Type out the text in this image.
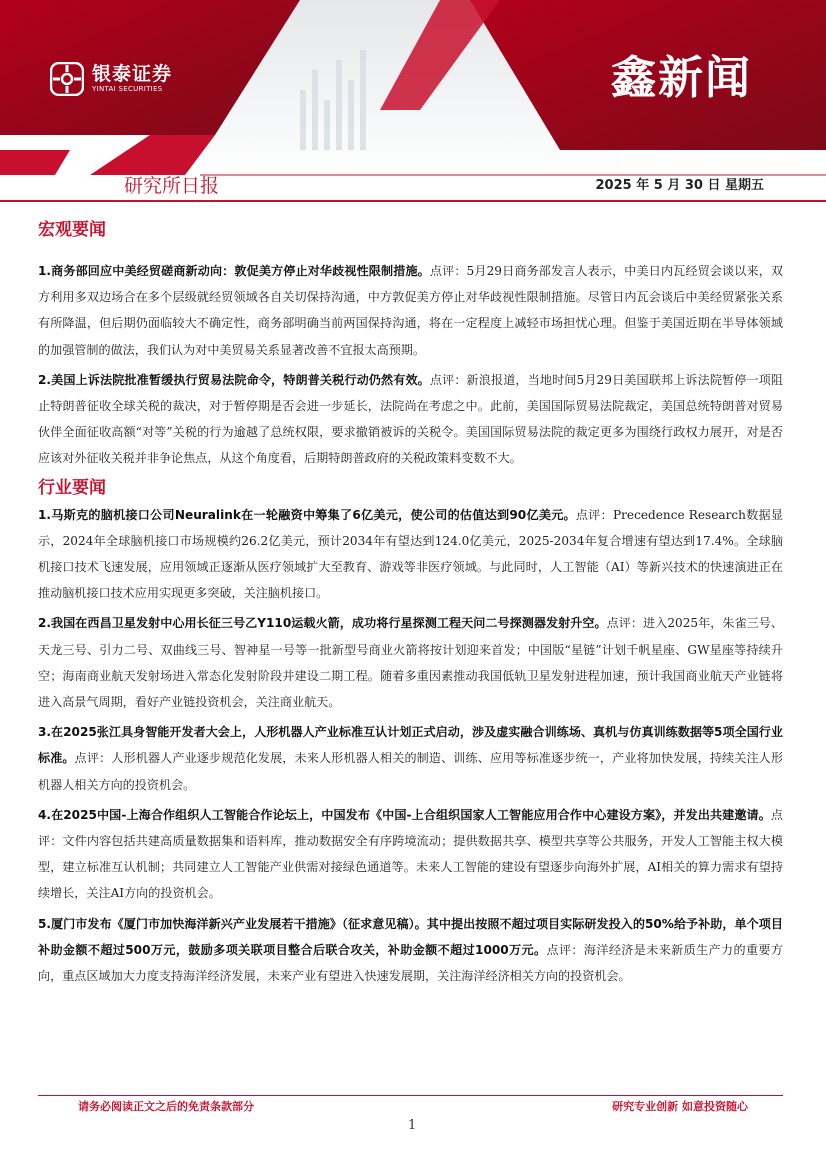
银泰证券
YINTAI SECURITIES	鑫新闻
研究所日报	2025 年 5 月 30 日 星期五
宏观要闻

1.商务部回应中美经贸磋商新动向：敦促美方停止对华歧视性限制措施。点评：5月29日商务部发言人表示，中美日内瓦经贸会谈以来，双方利用多双边场合在多个层级就经贸领域各自关切保持沟通，中方敦促美方停止对华歧视性限制措施。尽管日内瓦会谈后中美经贸紧张关系有所降温，但后期仍面临较大不确定性，商务部明确当前两国保持沟通，将在一定程度上减轻市场担忧心理。但鉴于美国近期在半导体领域的加强管制的做法，我们认为对中美贸易关系显著改善不宜报太高预期。

2.美国上诉法院批准暂缓执行贸易法院命令，特朗普关税行动仍然有效。点评：新浪报道，当地时间5月29日美国联邦上诉法院暂停一项阻止特朗普征收全球关税的裁决，对于暂停期是否会进一步延长，法院尚在考虑之中。此前，美国国际贸易法院裁定，美国总统特朗普对贸易伙伴全面征收高额“对等”关税的行为逾越了总统权限，要求撤销被诉的关税令。美国国际贸易法院的裁定更多为围绕行政权力展开，对是否应该对外征收关税并非争论焦点，从这个角度看，后期特朗普政府的关税政策料变数不大。

行业要闻

1.马斯克的脑机接口公司Neuralink在一轮融资中筹集了6亿美元，使公司的估值达到90亿美元。点评：Precedence Research数据显示，2024年全球脑机接口市场规模约26.2亿美元，预计2034年有望达到124.0亿美元，2025-2034年复合增速有望达到17.4%。全球脑机接口技术飞速发展，应用领域正逐渐从医疗领域扩大至教育、游戏等非医疗领域。与此同时，人工智能（AI）等新兴技术的快速演进正在推动脑机接口技术应用实现更多突破，关注脑机接口。

2.我国在西昌卫星发射中心用长征三号乙Y110运载火箭，成功将行星探测工程天问二号探测器发射升空。点评：进入2025年，朱雀三号、天龙三号、引力二号、双曲线三号、智神星一号等一批新型号商业火箭将按计划迎来首发；中国版“星链”计划千帆星座、GW星座等持续升空；海南商业航天发射场进入常态化发射阶段并建设二期工程。随着多重因素推动我国低轨卫星发射进程加速，预计我国商业航天产业链将进入高景气周期，看好产业链投资机会，关注商业航天。

3.在2025张江具身智能开发者大会上，人形机器人产业标准互认计划正式启动，涉及虚实融合训练场、真机与仿真训练数据等5项全国行业标准。点评：人形机器人产业逐步规范化发展，未来人形机器人相关的制造、训练、应用等标准逐步统一，产业将加快发展，持续关注人形机器人相关方向的投资机会。

4.在2025中国-上海合作组织人工智能合作论坛上，中国发布《中国-上合组织国家人工智能应用合作中心建设方案》，并发出共建邀请。点评：文件内容包括共建高质量数据集和语料库，推动数据安全有序跨境流动；提供数据共享、模型共享等公共服务，开发人工智能主权大模型，建立标准互认机制；共同建立人工智能产业供需对接绿色通道等。未来人工智能的建设有望逐步向海外扩展，AI相关的算力需求有望持续增长，关注AI方向的投资机会。

5.厦门市发布《厦门市加快海洋新兴产业发展若干措施》（征求意见稿）。其中提出按照不超过项目实际研发投入的50%给予补助，单个项目补助金额不超过500万元，鼓励多项关联项目整合后联合攻关，补助金额不超过1000万元。点评：海洋经济是未来新质生产力的重要方向，重点区域加大力度支持海洋经济发展，未来产业有望进入快速发展期，关注海洋经济相关方向的投资机会。

请务必阅读正文之后的免责条款部分	研究专业创新 如意投资随心
1
